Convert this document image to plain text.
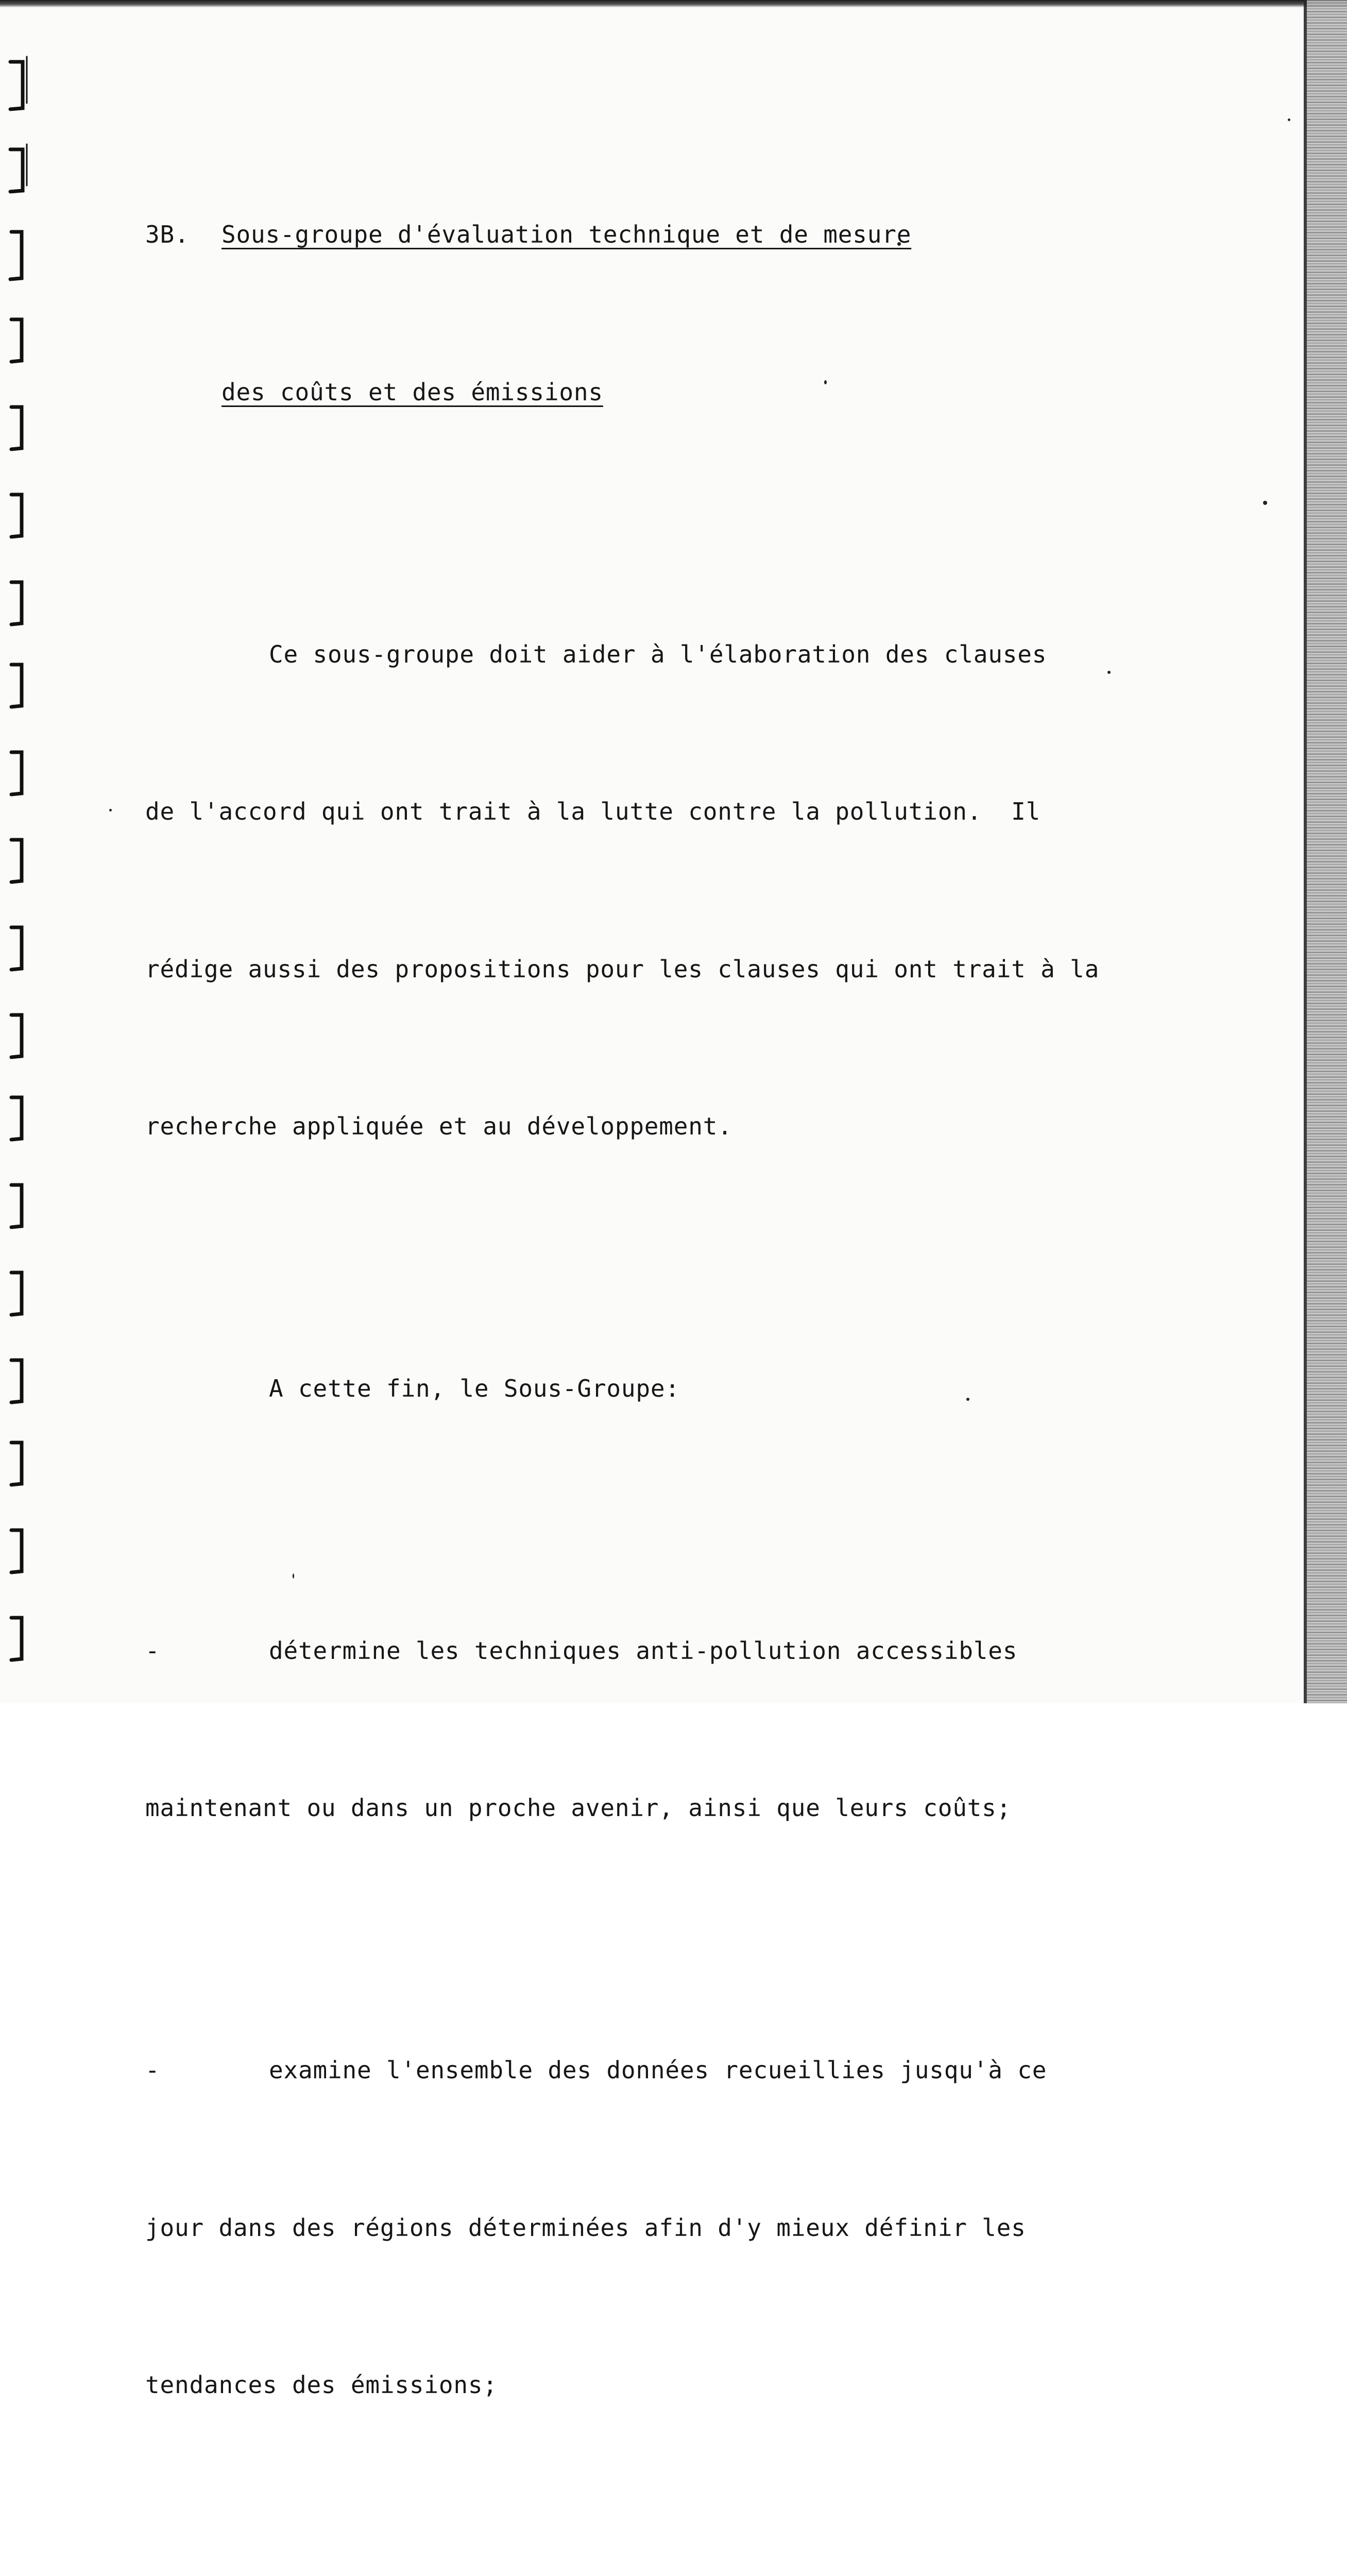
3B. Sous-groupe d'évaluation technique et de mesure

des coûts et des émissions

Ce sous-groupe doit aider à l'élaboration des clauses

de l'accord qui ont trait à la lutte contre la pollution.  Il

rédige aussi des propositions pour les clauses qui ont trait à la

recherche appliquée et au développement.

A cette fin, le Sous-Groupe:

-	détermine les techniques anti-pollution accessibles

maintenant ou dans un proche avenir, ainsi que leurs coûts;

-	examine l'ensemble des données recueillies jusqu'à ce

jour dans des régions déterminées afin d'y mieux définir les

tendances des émissions;
